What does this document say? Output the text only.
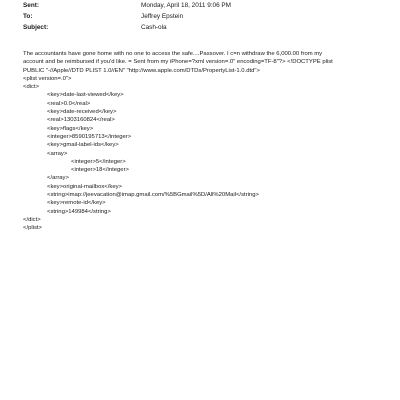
Sent:	Monday, April 18, 2011 9:06 PM
To:	Jeffrey Epstein
Subject:	Cash-ola
The accountants have gone home with no one to access the safe....Passover. I c=n withdraw the 6,000.00 from my
account and be reimbursed if you'd like. = Sent from my iPhone=?xml version=.0" encoding=TF-8"?> <!DOCTYPE plist
PUBLIC "-//Apple//DTD PLIST 1.0//EN" "http://www.apple.com/DTDs/PropertyList-1.0.dtd">
<plist version=.0">
<dict>
<key>date-last-viewed</key>
<real>0.0</real>
<key>date-received</key>
<real>1303160824</real>
<key>flags</key>
<integer>8590195713</integer>
<key>gmail-label-ids</key>
<array>
<integer>5</integer>
<integer>18</integer>
</array>
<key>original-mailbox</key>
<string>imap://jeevacation@imap.gmail.com/%5BGmail%5D/All%20Mail</string>
<key>remote-id</key>
<string>149984</string>
</dict>
</plist>
